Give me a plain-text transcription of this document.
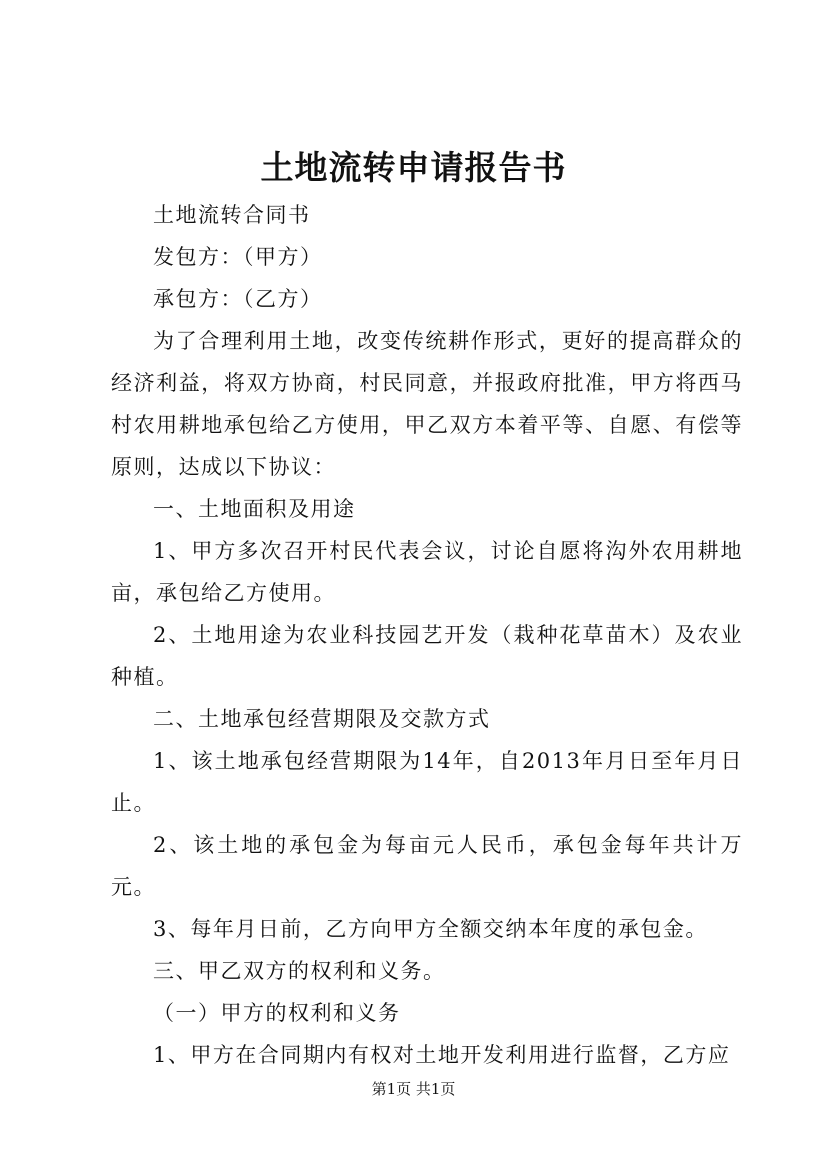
土地流转申请报告书

土地流转合同书

发包方：（甲方）

承包方：（乙方）

为了合理利用土地，改变传统耕作形式，更好的提高群众的经济利益，将双方协商，村民同意，并报政府批准，甲方将西马村农用耕地承包给乙方使用，甲乙双方本着平等、自愿、有偿等原则，达成以下协议：

一、土地面积及用途

1、甲方多次召开村民代表会议，讨论自愿将沟外农用耕地亩，承包给乙方使用。

2、土地用途为农业科技园艺开发（栽种花草苗木）及农业种植。

二、土地承包经营期限及交款方式

1、该土地承包经营期限为14年，自2013年月日至年月日止。

2、该土地的承包金为每亩元人民币，承包金每年共计万元。

3、每年月日前，乙方向甲方全额交纳本年度的承包金。

三、甲乙双方的权利和义务。

（一）甲方的权利和义务

1、甲方在合同期内有权对土地开发利用进行监督，乙方应

第1页 共1页
